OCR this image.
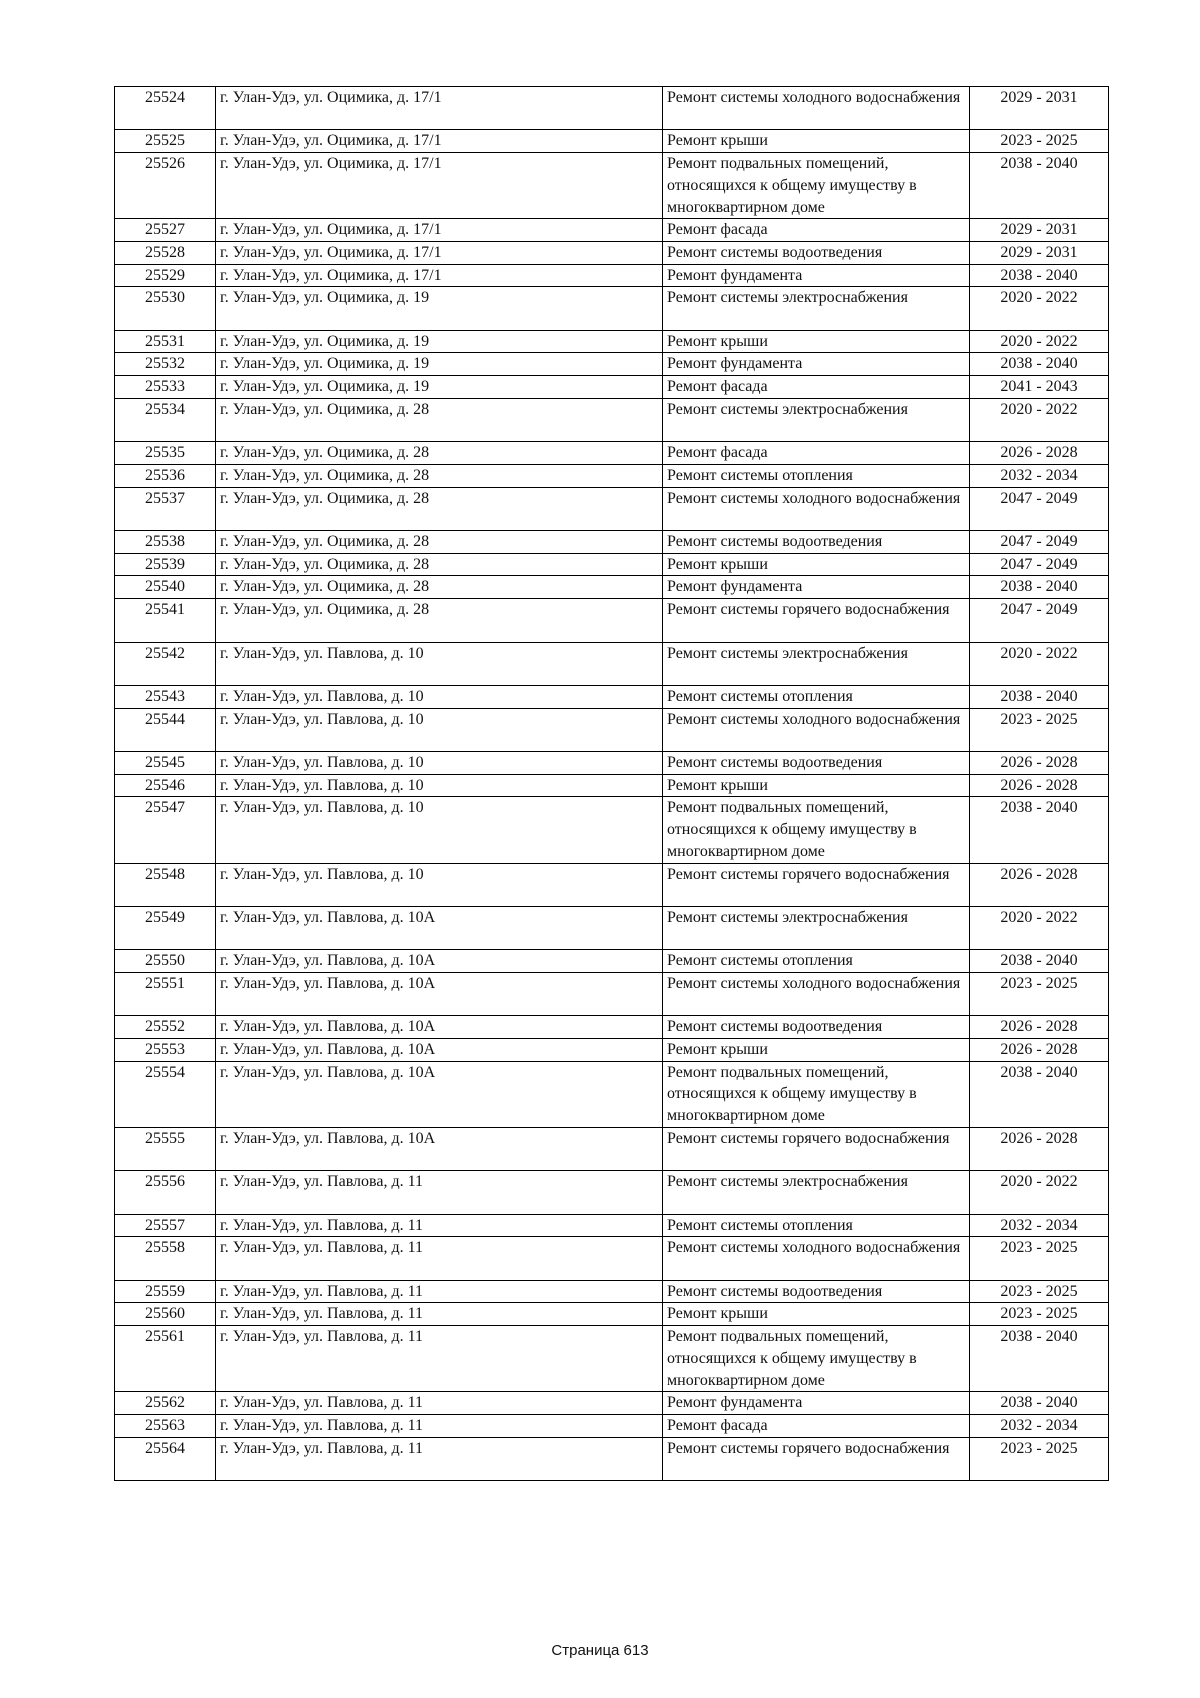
25524	г. Улан-Удэ, ул. Оцимика, д. 17/1	Ремонт системы холодного водоснабжения	2029 - 2031
25525	г. Улан-Удэ, ул. Оцимика, д. 17/1	Ремонт крыши	2023 - 2025
25526	г. Улан-Удэ, ул. Оцимика, д. 17/1	Ремонт подвальных помещений, относящихся к общему имуществу в многоквартирном доме	2038 - 2040
25527	г. Улан-Удэ, ул. Оцимика, д. 17/1	Ремонт фасада	2029 - 2031
25528	г. Улан-Удэ, ул. Оцимика, д. 17/1	Ремонт системы водоотведения	2029 - 2031
25529	г. Улан-Удэ, ул. Оцимика, д. 17/1	Ремонт фундамента	2038 - 2040
25530	г. Улан-Удэ, ул. Оцимика, д. 19	Ремонт системы электроснабжения	2020 - 2022
25531	г. Улан-Удэ, ул. Оцимика, д. 19	Ремонт крыши	2020 - 2022
25532	г. Улан-Удэ, ул. Оцимика, д. 19	Ремонт фундамента	2038 - 2040
25533	г. Улан-Удэ, ул. Оцимика, д. 19	Ремонт фасада	2041 - 2043
25534	г. Улан-Удэ, ул. Оцимика, д. 28	Ремонт системы электроснабжения	2020 - 2022
25535	г. Улан-Удэ, ул. Оцимика, д. 28	Ремонт фасада	2026 - 2028
25536	г. Улан-Удэ, ул. Оцимика, д. 28	Ремонт системы отопления	2032 - 2034
25537	г. Улан-Удэ, ул. Оцимика, д. 28	Ремонт системы холодного водоснабжения	2047 - 2049
25538	г. Улан-Удэ, ул. Оцимика, д. 28	Ремонт системы водоотведения	2047 - 2049
25539	г. Улан-Удэ, ул. Оцимика, д. 28	Ремонт крыши	2047 - 2049
25540	г. Улан-Удэ, ул. Оцимика, д. 28	Ремонт фундамента	2038 - 2040
25541	г. Улан-Удэ, ул. Оцимика, д. 28	Ремонт системы горячего водоснабжения	2047 - 2049
25542	г. Улан-Удэ, ул. Павлова, д. 10	Ремонт системы электроснабжения	2020 - 2022
25543	г. Улан-Удэ, ул. Павлова, д. 10	Ремонт системы отопления	2038 - 2040
25544	г. Улан-Удэ, ул. Павлова, д. 10	Ремонт системы холодного водоснабжения	2023 - 2025
25545	г. Улан-Удэ, ул. Павлова, д. 10	Ремонт системы водоотведения	2026 - 2028
25546	г. Улан-Удэ, ул. Павлова, д. 10	Ремонт крыши	2026 - 2028
25547	г. Улан-Удэ, ул. Павлова, д. 10	Ремонт подвальных помещений, относящихся к общему имуществу в многоквартирном доме	2038 - 2040
25548	г. Улан-Удэ, ул. Павлова, д. 10	Ремонт системы горячего водоснабжения	2026 - 2028
25549	г. Улан-Удэ, ул. Павлова, д. 10А	Ремонт системы электроснабжения	2020 - 2022
25550	г. Улан-Удэ, ул. Павлова, д. 10А	Ремонт системы отопления	2038 - 2040
25551	г. Улан-Удэ, ул. Павлова, д. 10А	Ремонт системы холодного водоснабжения	2023 - 2025
25552	г. Улан-Удэ, ул. Павлова, д. 10А	Ремонт системы водоотведения	2026 - 2028
25553	г. Улан-Удэ, ул. Павлова, д. 10А	Ремонт крыши	2026 - 2028
25554	г. Улан-Удэ, ул. Павлова, д. 10А	Ремонт подвальных помещений, относящихся к общему имуществу в многоквартирном доме	2038 - 2040
25555	г. Улан-Удэ, ул. Павлова, д. 10А	Ремонт системы горячего водоснабжения	2026 - 2028
25556	г. Улан-Удэ, ул. Павлова, д. 11	Ремонт системы электроснабжения	2020 - 2022
25557	г. Улан-Удэ, ул. Павлова, д. 11	Ремонт системы отопления	2032 - 2034
25558	г. Улан-Удэ, ул. Павлова, д. 11	Ремонт системы холодного водоснабжения	2023 - 2025
25559	г. Улан-Удэ, ул. Павлова, д. 11	Ремонт системы водоотведения	2023 - 2025
25560	г. Улан-Удэ, ул. Павлова, д. 11	Ремонт крыши	2023 - 2025
25561	г. Улан-Удэ, ул. Павлова, д. 11	Ремонт подвальных помещений, относящихся к общему имуществу в многоквартирном доме	2038 - 2040
25562	г. Улан-Удэ, ул. Павлова, д. 11	Ремонт фундамента	2038 - 2040
25563	г. Улан-Удэ, ул. Павлова, д. 11	Ремонт фасада	2032 - 2034
25564	г. Улан-Удэ, ул. Павлова, д. 11	Ремонт системы горячего водоснабжения	2023 - 2025
Страница 613
